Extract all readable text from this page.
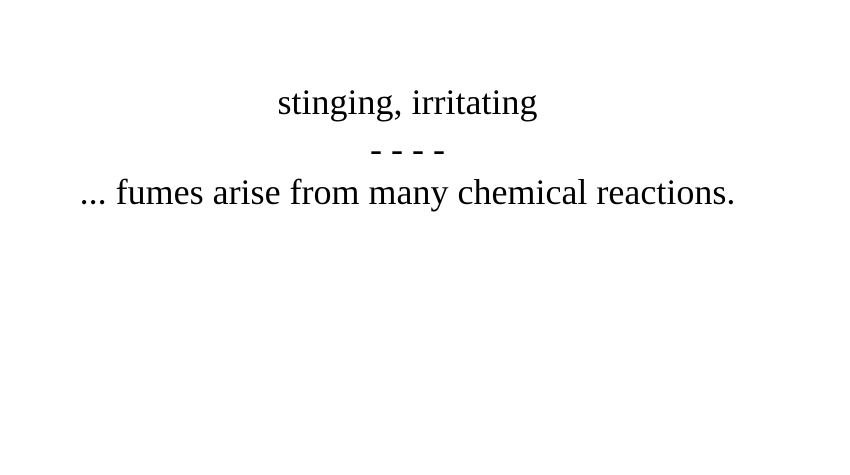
stinging, irritating
- - - -
... fumes arise from many chemical reactions.
